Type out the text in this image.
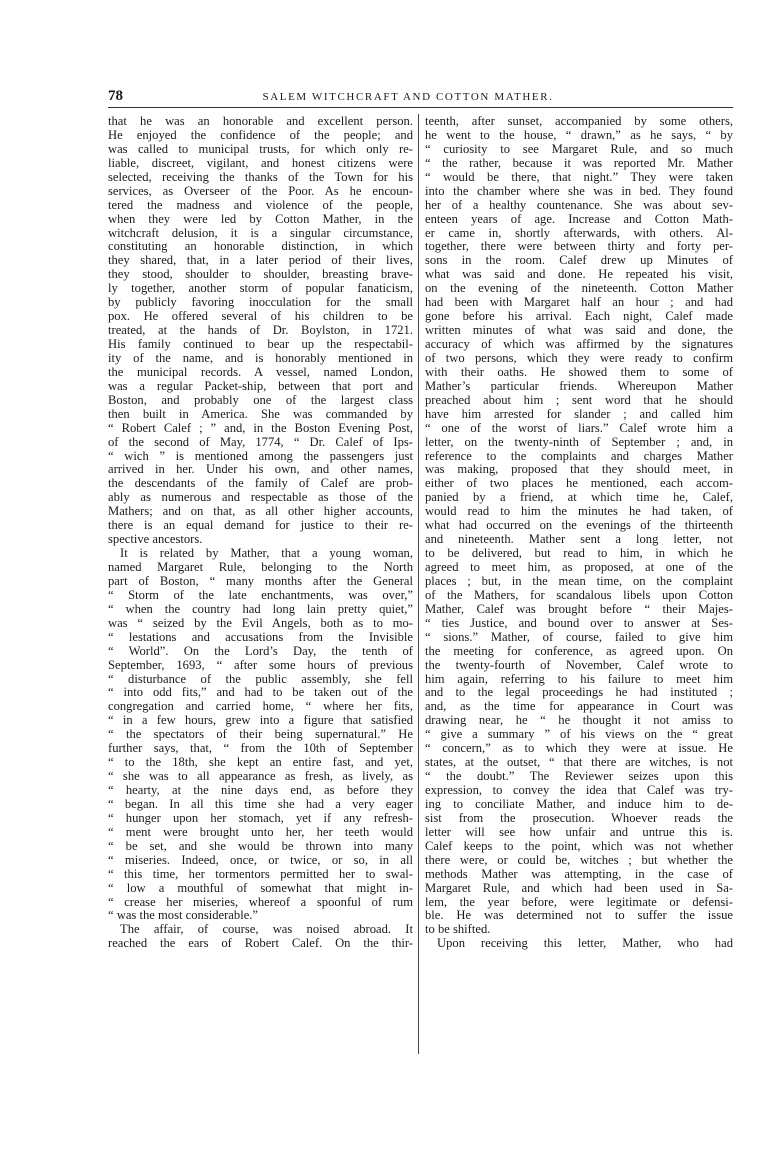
78	SALEM WITCHCRAFT AND COTTON MATHER.
that he was an honorable and excellent person.
He enjoyed the confidence of the people; and
was called to municipal trusts, for which only re-
liable, discreet, vigilant, and honest citizens were
selected, receiving the thanks of the Town for his
services, as Overseer of the Poor. As he encoun-
tered the madness and violence of the people,
when they were led by Cotton Mather, in the
witchcraft delusion, it is a singular circumstance,
constituting an honorable distinction, in which
they shared, that, in a later period of their lives,
they stood, shoulder to shoulder, breasting brave-
ly together, another storm of popular fanaticism,
by publicly favoring inocculation for the small
pox. He offered several of his children to be
treated, at the hands of Dr. Boylston, in 1721.
His family continued to bear up the respectabil-
ity of the name, and is honorably mentioned in
the municipal records. A vessel, named London,
was a regular Packet-ship, between that port and
Boston, and probably one of the largest class
then built in America. She was commanded by
“ Robert Calef ; ” and, in the Boston Evening Post,
of the second of May, 1774, “ Dr. Calef of Ips-
“ wich ” is mentioned among the passengers just
arrived in her. Under his own, and other names,
the descendants of the family of Calef are prob-
ably as numerous and respectable as those of the
Mathers; and on that, as all other higher accounts,
there is an equal demand for justice to their re-
spective ancestors.
It is related by Mather, that a young woman,
named Margaret Rule, belonging to the North
part of Boston, “ many months after the General
“ Storm of the late enchantments, was over,”
“ when the country had long lain pretty quiet,”
was “ seized by the Evil Angels, both as to mo-
“ lestations and accusations from the Invisible
“ World”. On the Lord’s Day, the tenth of
September, 1693, “ after some hours of previous
“ disturbance of the public assembly, she fell
“ into odd fits,” and had to be taken out of the
congregation and carried home, “ where her fits,
“ in a few hours, grew into a figure that satisfied
“ the spectators of their being supernatural.” He
further says, that, “ from the 10th of September
“ to the 18th, she kept an entire fast, and yet,
“ she was to all appearance as fresh, as lively, as
“ hearty, at the nine days end, as before they
“ began. In all this time she had a very eager
“ hunger upon her stomach, yet if any refresh-
“ ment were brought unto her, her teeth would
“ be set, and she would be thrown into many
“ miseries. Indeed, once, or twice, or so, in all
“ this time, her tormentors permitted her to swal-
“ low a mouthful of somewhat that might in-
“ crease her miseries, whereof a spoonful of rum
“ was the most considerable.”
The affair, of course, was noised abroad. It
reached the ears of Robert Calef. On the thir-
teenth, after sunset, accompanied by some others,
he went to the house, “ drawn,” as he says, “ by
“ curiosity to see Margaret Rule, and so much
“ the rather, because it was reported Mr. Mather
“ would be there, that night.” They were taken
into the chamber where she was in bed. They found
her of a healthy countenance. She was about sev-
enteen years of age. Increase and Cotton Math-
er came in, shortly afterwards, with others. Al-
together, there were between thirty and forty per-
sons in the room. Calef drew up Minutes of
what was said and done. He repeated his visit,
on the evening of the nineteenth. Cotton Mather
had been with Margaret half an hour ; and had
gone before his arrival. Each night, Calef made
written minutes of what was said and done, the
accuracy of which was affirmed by the signatures
of two persons, which they were ready to confirm
with their oaths. He showed them to some of
Mather’s particular friends. Whereupon Mather
preached about him ; sent word that he should
have him arrested for slander ; and called him
“ one of the worst of liars.” Calef wrote him a
letter, on the twenty-ninth of September ; and, in
reference to the complaints and charges Mather
was making, proposed that they should meet, in
either of two places he mentioned, each accom-
panied by a friend, at which time he, Calef,
would read to him the minutes he had taken, of
what had occurred on the evenings of the thirteenth
and nineteenth. Mather sent a long letter, not
to be delivered, but read to him, in which he
agreed to meet him, as proposed, at one of the
places ; but, in the mean time, on the complaint
of the Mathers, for scandalous libels upon Cotton
Mather, Calef was brought before “ their Majes-
“ ties Justice, and bound over to answer at Ses-
“ sions.” Mather, of course, failed to give him
the meeting for conference, as agreed upon. On
the twenty-fourth of November, Calef wrote to
him again, referring to his failure to meet him
and to the legal proceedings he had instituted ;
and, as the time for appearance in Court was
drawing near, he “ he thought it not amiss to
“ give a summary ” of his views on the “ great
“ concern,” as to which they were at issue. He
states, at the outset, “ that there are witches, is not
“ the doubt.” The Reviewer seizes upon this
expression, to convey the idea that Calef was try-
ing to conciliate Mather, and induce him to de-
sist from the prosecution. Whoever reads the
letter will see how unfair and untrue this is.
Calef keeps to the point, which was not whether
there were, or could be, witches ; but whether the
methods Mather was attempting, in the case of
Margaret Rule, and which had been used in Sa-
lem, the year before, were legitimate or defensi-
ble. He was determined not to suffer the issue
to be shifted.
Upon receiving this letter, Mather, who had
